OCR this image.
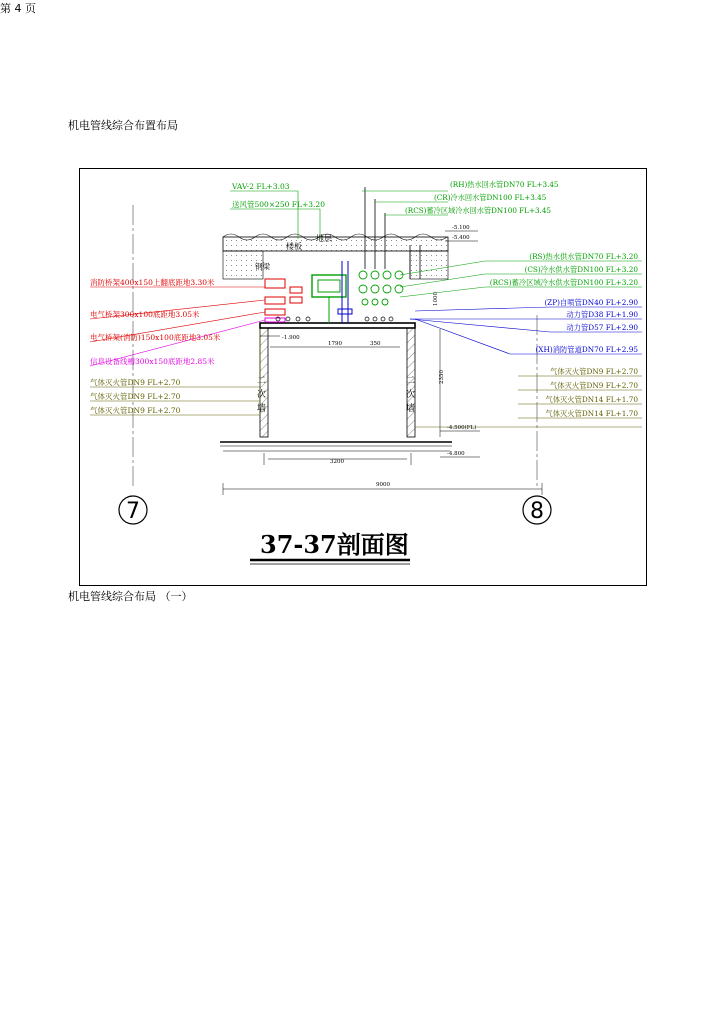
机电管线综合布置布局
VAV-2 FL+3.03
送风管500×250 FL+3.20
(RH)热水回水管DN70 FL+3.45
(CR)冷水回水管DN100 FL+3.45
(RCS)蓄冷区域冷水回水管DN100 FL+3.45
消防桥架400x150上翻底距地3.30米
电气桥架300x100底距地3.05米
电气桥架(消防)150x100底距地3.05米
信息设备线槽300x150底距地2.85米
气体灭火管DN9 FL+2.70
气体灭火管DN9 FL+2.70
气体灭火管DN9 FL+2.70
(RS)热水供水管DN70 FL+3.20
(CS)冷水供水管DN100 FL+3.20
(RCS)蓄冷区域冷水供水管DN100 FL+3.20
(ZP)自喷管DN40 FL+2.90
动力管D38 FL+1.90
动力管D57 FL+2.90
(XH)消防管道DN70 FL+2.95
气体灭火管DN9 FL+2.70
气体灭火管DN9 FL+2.70
气体灭火管DN14 FL+1.70
气体灭火管DN14 FL+1.70
楼板
地层
钢梁
二次墙	二次墙
-5.100
-5.400
-1.900
-4.500(FL)
-4.800
3200
9000
2350
1790	350
1000
7	8
37-37剖面图
机电管线综合布局 （一）
第 4 页
